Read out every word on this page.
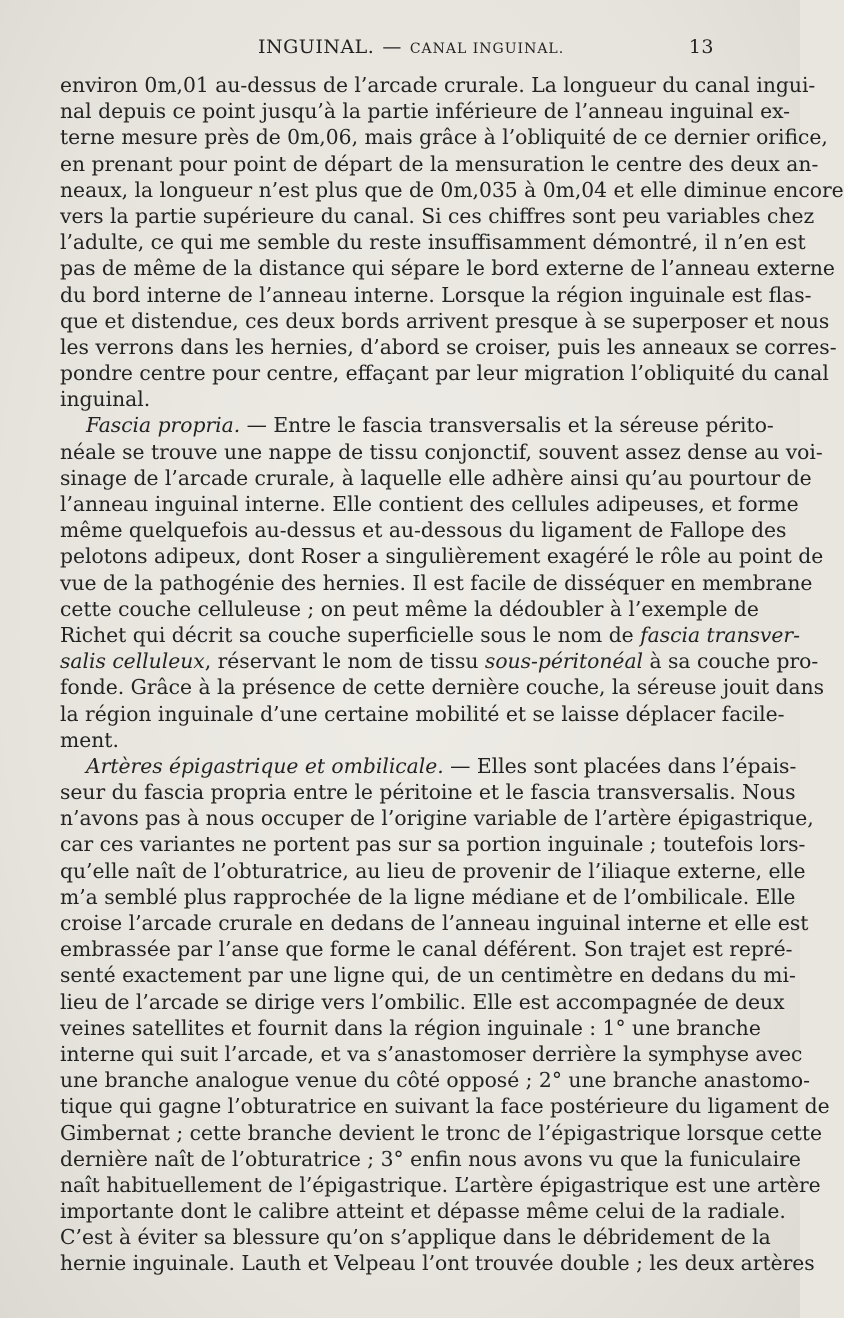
INGUINAL. — CANAL INGUINAL.	13
environ 0m,01 au-dessus de l’arcade crurale. La longueur du canal ingui-
nal depuis ce point jusqu’à la partie inférieure de l’anneau inguinal ex-
terne mesure près de 0m,06, mais grâce à l’obliquité de ce dernier orifice,
en prenant pour point de départ de la mensuration le centre des deux an-
neaux, la longueur n’est plus que de 0m,035 à 0m,04 et elle diminue encore
vers la partie supérieure du canal. Si ces chiffres sont peu variables chez
l’adulte, ce qui me semble du reste insuffisamment démontré, il n’en est
pas de même de la distance qui sépare le bord externe de l’anneau externe
du bord interne de l’anneau interne. Lorsque la région inguinale est flas-
que et distendue, ces deux bords arrivent presque à se superposer et nous
les verrons dans les hernies, d’abord se croiser, puis les anneaux se corres-
pondre centre pour centre, effaçant par leur migration l’obliquité du canal
inguinal.
Fascia propria. — Entre le fascia transversalis et la séreuse périto-
néale se trouve une nappe de tissu conjonctif, souvent assez dense au voi-
sinage de l’arcade crurale, à laquelle elle adhère ainsi qu’au pourtour de
l’anneau inguinal interne. Elle contient des cellules adipeuses, et forme
même quelquefois au-dessus et au-dessous du ligament de Fallope des
pelotons adipeux, dont Roser a singulièrement exagéré le rôle au point de
vue de la pathogénie des hernies. Il est facile de disséquer en membrane
cette couche celluleuse ; on peut même la dédoubler à l’exemple de
Richet qui décrit sa couche superficielle sous le nom de fascia transver-
salis celluleux, réservant le nom de tissu sous-péritonéal à sa couche pro-
fonde. Grâce à la présence de cette dernière couche, la séreuse jouit dans
la région inguinale d’une certaine mobilité et se laisse déplacer facile-
ment.
Artères épigastrique et ombilicale. — Elles sont placées dans l’épais-
seur du fascia propria entre le péritoine et le fascia transversalis. Nous
n’avons pas à nous occuper de l’origine variable de l’artère épigastrique,
car ces variantes ne portent pas sur sa portion inguinale ; toutefois lors-
qu’elle naît de l’obturatrice, au lieu de provenir de l’iliaque externe, elle
m’a semblé plus rapprochée de la ligne médiane et de l’ombilicale. Elle
croise l’arcade crurale en dedans de l’anneau inguinal interne et elle est
embrassée par l’anse que forme le canal déférent. Son trajet est repré-
senté exactement par une ligne qui, de un centimètre en dedans du mi-
lieu de l’arcade se dirige vers l’ombilic. Elle est accompagnée de deux
veines satellites et fournit dans la région inguinale : 1° une branche
interne qui suit l’arcade, et va s’anastomoser derrière la symphyse avec
une branche analogue venue du côté opposé ; 2° une branche anastomo-
tique qui gagne l’obturatrice en suivant la face postérieure du ligament de
Gimbernat ; cette branche devient le tronc de l’épigastrique lorsque cette
dernière naît de l’obturatrice ; 3° enfin nous avons vu que la funiculaire
naît habituellement de l’épigastrique. L’artère épigastrique est une artère
importante dont le calibre atteint et dépasse même celui de la radiale.
C’est à éviter sa blessure qu’on s’applique dans le débridement de la
hernie inguinale. Lauth et Velpeau l’ont trouvée double ; les deux artères
